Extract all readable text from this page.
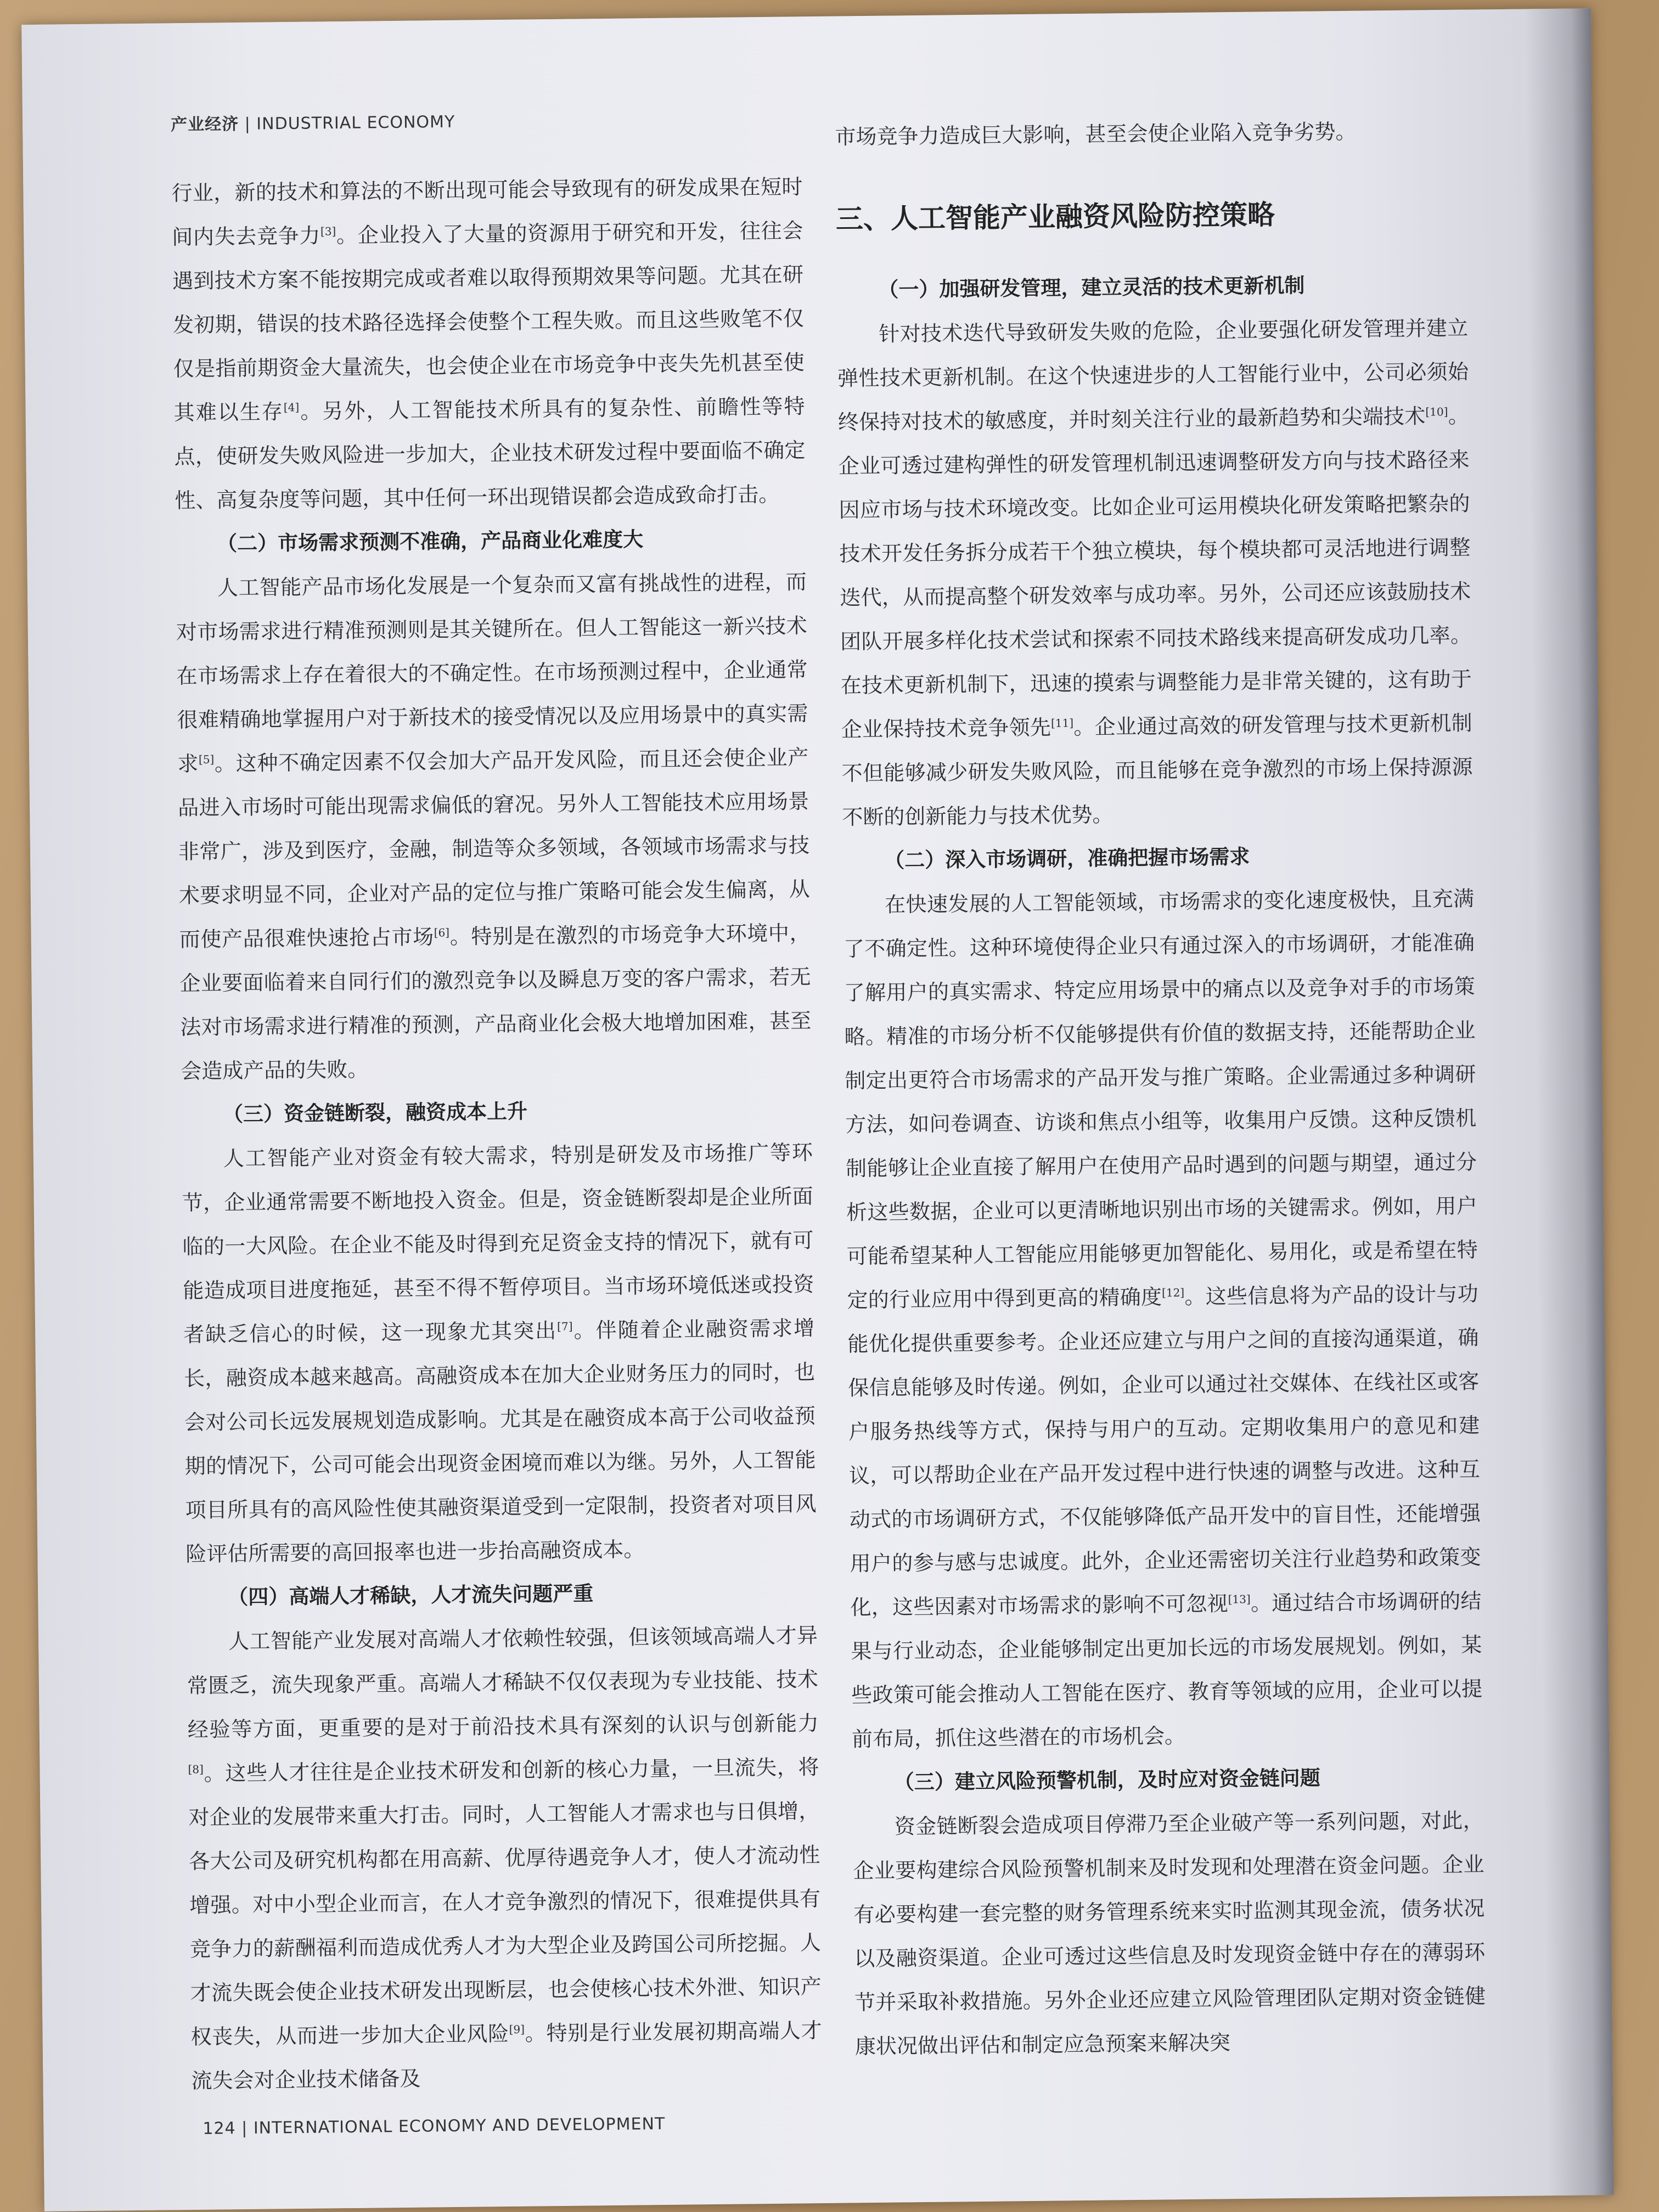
产业经济 | INDUSTRIAL ECONOMY

行业，新的技术和算法的不断出现可能会导致现有的研发成果在短时间内失去竞争力[3]。企业投入了大量的资源用于研究和开发，往往会遇到技术方案不能按期完成或者难以取得预期效果等问题。尤其在研发初期，错误的技术路径选择会使整个工程失败。而且这些败笔不仅仅是指前期资金大量流失，也会使企业在市场竞争中丧失先机甚至使其难以生存[4]。另外，人工智能技术所具有的复杂性、前瞻性等特点，使研发失败风险进一步加大，企业技术研发过程中要面临不确定性、高复杂度等问题，其中任何一环出现错误都会造成致命打击。

（二）市场需求预测不准确，产品商业化难度大

人工智能产品市场化发展是一个复杂而又富有挑战性的进程，而对市场需求进行精准预测则是其关键所在。但人工智能这一新兴技术在市场需求上存在着很大的不确定性。在市场预测过程中，企业通常很难精确地掌握用户对于新技术的接受情况以及应用场景中的真实需求[5]。这种不确定因素不仅会加大产品开发风险，而且还会使企业产品进入市场时可能出现需求偏低的窘况。另外人工智能技术应用场景非常广，涉及到医疗，金融，制造等众多领域，各领域市场需求与技术要求明显不同，企业对产品的定位与推广策略可能会发生偏离，从而使产品很难快速抢占市场[6]。特别是在激烈的市场竞争大环境中，企业要面临着来自同行们的激烈竞争以及瞬息万变的客户需求，若无法对市场需求进行精准的预测，产品商业化会极大地增加困难，甚至会造成产品的失败。

（三）资金链断裂，融资成本上升

人工智能产业对资金有较大需求，特别是研发及市场推广等环节，企业通常需要不断地投入资金。但是，资金链断裂却是企业所面临的一大风险。在企业不能及时得到充足资金支持的情况下，就有可能造成项目进度拖延，甚至不得不暂停项目。当市场环境低迷或投资者缺乏信心的时候，这一现象尤其突出[7]。伴随着企业融资需求增长，融资成本越来越高。高融资成本在加大企业财务压力的同时，也会对公司长远发展规划造成影响。尤其是在融资成本高于公司收益预期的情况下，公司可能会出现资金困境而难以为继。另外，人工智能项目所具有的高风险性使其融资渠道受到一定限制，投资者对项目风险评估所需要的高回报率也进一步抬高融资成本。

（四）高端人才稀缺，人才流失问题严重

人工智能产业发展对高端人才依赖性较强，但该领域高端人才异常匮乏，流失现象严重。高端人才稀缺不仅仅表现为专业技能、技术经验等方面，更重要的是对于前沿技术具有深刻的认识与创新能力[8]。这些人才往往是企业技术研发和创新的核心力量，一旦流失，将对企业的发展带来重大打击。同时，人工智能人才需求也与日俱增，各大公司及研究机构都在用高薪、优厚待遇竞争人才，使人才流动性增强。对中小型企业而言，在人才竞争激烈的情况下，很难提供具有竞争力的薪酬福利而造成优秀人才为大型企业及跨国公司所挖掘。人才流失既会使企业技术研发出现断层，也会使核心技术外泄、知识产权丧失，从而进一步加大企业风险[9]。特别是行业发展初期高端人才流失会对企业技术储备及

市场竞争力造成巨大影响，甚至会使企业陷入竞争劣势。

三、人工智能产业融资风险防控策略
（一）加强研发管理，建立灵活的技术更新机制

针对技术迭代导致研发失败的危险，企业要强化研发管理并建立弹性技术更新机制。在这个快速进步的人工智能行业中，公司必须始终保持对技术的敏感度，并时刻关注行业的最新趋势和尖端技术[10]。企业可透过建构弹性的研发管理机制迅速调整研发方向与技术路径来因应市场与技术环境改变。比如企业可运用模块化研发策略把繁杂的技术开发任务拆分成若干个独立模块，每个模块都可灵活地进行调整迭代，从而提高整个研发效率与成功率。另外，公司还应该鼓励技术团队开展多样化技术尝试和探索不同技术路线来提高研发成功几率。在技术更新机制下，迅速的摸索与调整能力是非常关键的，这有助于企业保持技术竞争领先[11]。企业通过高效的研发管理与技术更新机制不但能够减少研发失败风险，而且能够在竞争激烈的市场上保持源源不断的创新能力与技术优势。

（二）深入市场调研，准确把握市场需求

在快速发展的人工智能领域，市场需求的变化速度极快，且充满了不确定性。这种环境使得企业只有通过深入的市场调研，才能准确了解用户的真实需求、特定应用场景中的痛点以及竞争对手的市场策略。精准的市场分析不仅能够提供有价值的数据支持，还能帮助企业制定出更符合市场需求的产品开发与推广策略。企业需通过多种调研方法，如问卷调查、访谈和焦点小组等，收集用户反馈。这种反馈机制能够让企业直接了解用户在使用产品时遇到的问题与期望，通过分析这些数据，企业可以更清晰地识别出市场的关键需求。例如，用户可能希望某种人工智能应用能够更加智能化、易用化，或是希望在特定的行业应用中得到更高的精确度[12]。这些信息将为产品的设计与功能优化提供重要参考。企业还应建立与用户之间的直接沟通渠道，确保信息能够及时传递。例如，企业可以通过社交媒体、在线社区或客户服务热线等方式，保持与用户的互动。定期收集用户的意见和建议，可以帮助企业在产品开发过程中进行快速的调整与改进。这种互动式的市场调研方式，不仅能够降低产品开发中的盲目性，还能增强用户的参与感与忠诚度。此外，企业还需密切关注行业趋势和政策变化，这些因素对市场需求的影响不可忽视[13]。通过结合市场调研的结果与行业动态，企业能够制定出更加长远的市场发展规划。例如，某些政策可能会推动人工智能在医疗、教育等领域的应用，企业可以提前布局，抓住这些潜在的市场机会。

（三）建立风险预警机制，及时应对资金链问题

资金链断裂会造成项目停滞乃至企业破产等一系列问题，对此，企业要构建综合风险预警机制来及时发现和处理潜在资金问题。企业有必要构建一套完整的财务管理系统来实时监测其现金流，债务状况以及融资渠道。企业可透过这些信息及时发现资金链中存在的薄弱环节并采取补救措施。另外企业还应建立风险管理团队定期对资金链健康状况做出评估和制定应急预案来解决突

124 | INTERNATIONAL ECONOMY AND DEVELOPMENT
